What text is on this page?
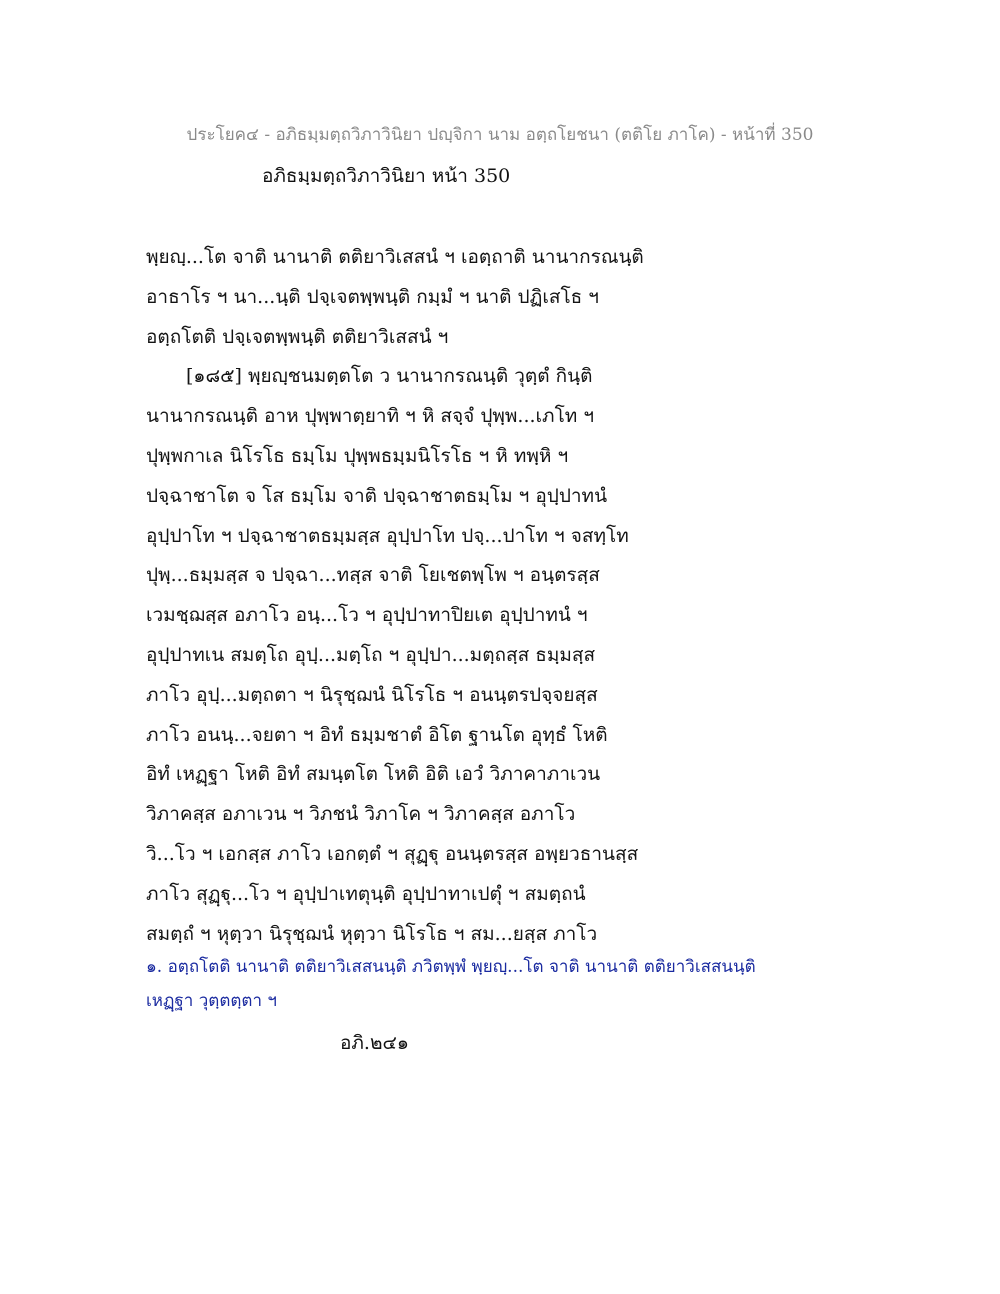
ประโยค๔ - อภิธมฺมตฺถวิภาวินิยา ปญฺจิกา นาม อตฺถโยชนา (ตติโย ภาโค) - หน้าที่ 350
อภิธมฺมตฺถวิภาวินิยา หน้า 350
พฺยญฺ...โต จาติ นานาติ ตติยาวิเสสนํ ฯ เอตฺถาติ นานากรณนฺติ
อาธาโร ฯ นา...นฺติ ปจฺเจตพฺพนฺติ กมฺมํ ฯ นาติ ปฏิเสโธ ฯ
อตฺถโตติ ปจฺเจตพฺพนฺติ ตติยาวิเสสนํ ฯ
[๑๘๕] พฺยญฺชนมตฺตโต ว นานากรณนฺติ วุตฺตํ กินฺติ
นานากรณนฺติ อาห ปุพฺพาตฺยาทิ ฯ หิ สจฺจํ ปุพฺพ...เภโท ฯ
ปุพฺพกาเล นิโรโธ ธมฺโม ปุพฺพธมฺมนิโรโธ ฯ หิ ทพฺหิ ฯ
ปจฺฉาชาโต จ โส ธมฺโม จาติ ปจฺฉาชาตธมฺโม ฯ อุปฺปาทนํ
อุปฺปาโท ฯ ปจฺฉาชาตธมฺมสฺส อุปฺปาโท ปจฺ...ปาโท ฯ จสทฺโท
ปุพฺ...ธมฺมสฺส จ ปจฺฉา...ทสฺส จาติ โยเชตพฺโพ ฯ อนฺตรสฺส
เวมชฺฌสฺส อภาโว อนฺ...โว ฯ อุปฺปาทาปิยเต อุปฺปาทนํ ฯ
อุปฺปาทเน สมตฺโถ อุปฺ...มตฺโถ ฯ อุปฺปา...มตฺถสฺส ธมฺมสฺส
ภาโว อุปฺ...มตฺถตา ฯ นิรุชฺฌนํ นิโรโธ ฯ อนนฺตรปจฺจยสฺส
ภาโว อนนฺ...จยตา ฯ อิทํ ธมฺมชาตํ อิโต ฐานโต อุทฺธํ โหติ
อิทํ เหฏฺฐา โหติ อิทํ สมนฺตโต โหติ อิติ เอวํ วิภาคาภาเวน
วิภาคสฺส อภาเวน ฯ วิภชนํ วิภาโค ฯ วิภาคสฺส อภาโว
วิ...โว ฯ เอกสฺส ภาโว เอกตฺตํ ฯ สุฏฺฐุ อนนฺตรสฺส อพฺยวธานสฺส
ภาโว สุฏฺฐุ...โว ฯ อุปฺปาเทตุนฺติ อุปฺปาทาเปตุํ ฯ สมตฺถนํ
สมตฺถํ ฯ หุตฺวา นิรุชฺฌนํ หุตฺวา นิโรโธ ฯ สม...ยสฺส ภาโว
๑. อตฺถโตติ นานาติ ตติยาวิเสสนนฺติ ภวิตพฺพํ พฺยญฺ...โต จาติ นานาติ ตติยาวิเสสนนฺติ
เหฏฺฐา วุตฺตตฺตา ฯ
อภิ.๒๔๑
